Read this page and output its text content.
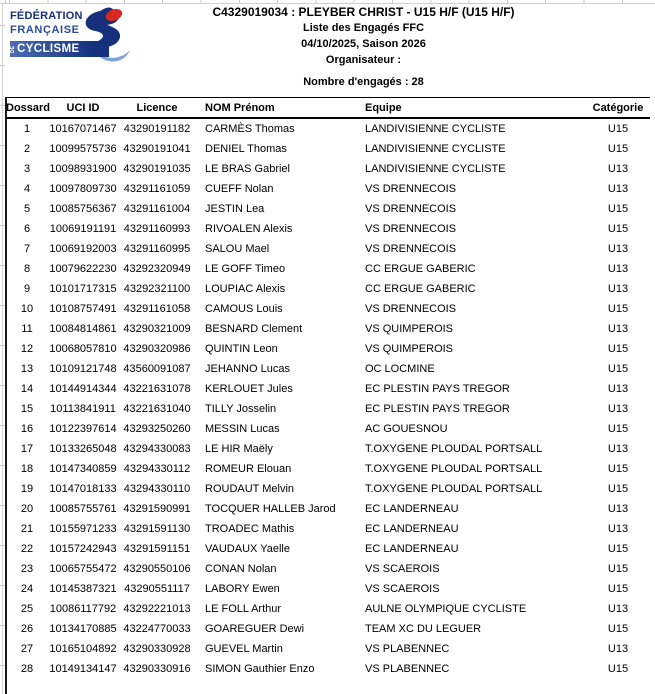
FÉDÉRATION
FRANÇAISE
DE CYCLISME
C4329019034 : PLEYBER CHRIST - U15 H/F (U15 H/F)
Liste des Engagés FFC
04/10/2025, Saison 2026
Organisateur :
Nombre d'engagés : 28
Dossard	UCI ID	Licence	NOM Prénom	Equipe	Catégorie
1	10167071467	43290191182	CARMÈS Thomas	LANDIVISIENNE CYCLISTE	U15
2	10099575736	43290191041	DENIEL Thomas	LANDIVISIENNE CYCLISTE	U15
3	10098931900	43290191035	LE BRAS Gabriel	LANDIVISIENNE CYCLISTE	U13
4	10097809730	43291161059	CUEFF Nolan	VS DRENNECOIS	U13
5	10085756367	43291161004	JESTIN Lea	VS DRENNECOIS	U15
6	10069191191	43291160993	RIVOALEN Alexis	VS DRENNECOIS	U15
7	10069192003	43291160995	SALOU Mael	VS DRENNECOIS	U13
8	10079622230	43292320949	LE GOFF Timeo	CC ERGUE GABERIC	U13
9	10101717315	43292321100	LOUPIAC Alexis	CC ERGUE GABERIC	U13
10	10108757491	43291161058	CAMOUS Louis	VS DRENNECOIS	U15
11	10084814861	43290321009	BESNARD Clement	VS QUIMPEROIS	U13
12	10068057810	43290320986	QUINTIN Leon	VS QUIMPEROIS	U15
13	10109121748	43560091087	JEHANNO Lucas	OC LOCMINE	U15
14	10144914344	43221631078	KERLOUET Jules	EC PLESTIN PAYS TREGOR	U13
15	10113841911	43221631040	TILLY Josselin	EC PLESTIN PAYS TREGOR	U13
16	10122397614	43293250260	MESSIN Lucas	AC GOUESNOU	U15
17	10133265048	43294330083	LE HIR Maëly	T.OXYGENE PLOUDAL PORTSALL	U13
18	10147340859	43294330112	ROMEUR Elouan	T.OXYGENE PLOUDAL PORTSALL	U15
19	10147018133	43294330110	ROUDAUT Melvin	T.OXYGENE PLOUDAL PORTSALL	U15
20	10085755761	43291590991	TOCQUER HALLEB Jarod	EC LANDERNEAU	U13
21	10155971233	43291591130	TROADEC Mathis	EC LANDERNEAU	U13
22	10157242943	43291591151	VAUDAUX Yaelle	EC LANDERNEAU	U15
23	10065755472	43290550106	CONAN Nolan	VS SCAEROIS	U15
24	10145387321	43290551117	LABORY Ewen	VS SCAEROIS	U15
25	10086117792	43292221013	LE FOLL Arthur	AULNE OLYMPIQUE CYCLISTE	U13
26	10134170885	43224770033	GOAREGUER Dewi	TEAM XC DU LEGUER	U15
27	10165104892	43290330928	GUEVEL Martin	VS PLABENNEC	U13
28	10149134147	43290330916	SIMON Gauthier Enzo	VS PLABENNEC	U15
